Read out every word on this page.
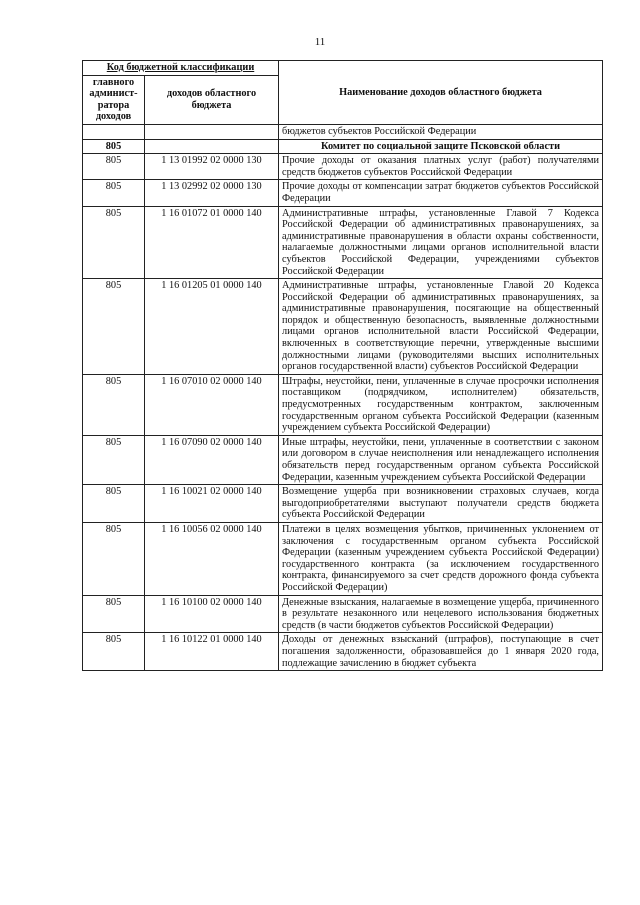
11
Код бюджетной классификации		Наименование доходов областного бюджета
главного админист- ратора доходов	доходов областного бюджета	
		бюджетов субъектов Российской Федерации
805		Комитет по социальной защите Псковской области
805	1 13 01992 02 0000 130	Прочие доходы от оказания платных услуг (работ) получателями средств бюджетов субъектов Российской Федерации
805	1 13 02992 02 0000 130	Прочие доходы от компенсации затрат бюджетов субъектов Российской Федерации
805	1 16 01072 01 0000 140	Административные штрафы, установленные Главой 7 Кодекса Российской Федерации об административных правонарушениях, за административные правонарушения в области охраны собственности, налагаемые должностными лицами органов исполнительной власти субъектов Российской Федерации, учреждениями субъектов Российской Федерации
805	1 16 01205 01 0000 140	Административные штрафы, установленные Главой 20 Кодекса Российской Федерации об административных правонарушениях, за административные правонарушения, посягающие на общественный порядок и общественную безопасность, выявленные должностными лицами органов исполнительной власти Российской Федерации, включенных в соответствующие перечни, утвержденные высшими должностными лицами (руководителями высших исполнительных органов государственной власти) субъектов Российской Федерации
805	1 16 07010 02 0000 140	Штрафы, неустойки, пени, уплаченные в случае просрочки исполнения поставщиком (подрядчиком, исполнителем) обязательств, предусмотренных государственным контрактом, заключенным государственным органом субъекта Российской Федерации (казенным учреждением субъекта Российской Федерации)
805	1 16 07090 02 0000 140	Иные штрафы, неустойки, пени, уплаченные в соответствии с законом или договором в случае неисполнения или ненадлежащего исполнения обязательств перед государственным органом субъекта Российской Федерации, казенным учреждением субъекта Российской Федерации
805	1 16 10021 02 0000 140	Возмещение ущерба при возникновении страховых случаев, когда выгодоприобретателями выступают получатели средств бюджета субъекта Российской Федерации
805	1 16 10056 02 0000 140	Платежи в целях возмещения убытков, причиненных уклонением от заключения с государственным органом субъекта Российской Федерации (казенным учреждением субъекта Российской Федерации) государственного контракта (за исключением государственного контракта, финансируемого за счет средств дорожного фонда субъекта Российской Федерации)
805	1 16 10100 02 0000 140	Денежные взыскания, налагаемые в возмещение ущерба, причиненного в результате незаконного или нецелевого использования бюджетных средств (в части бюджетов субъектов Российской Федерации)
805	1 16 10122 01 0000 140	Доходы от денежных взысканий (штрафов), поступающие в счет погашения задолженности, образовавшейся до 1 января 2020 года, подлежащие зачислению в бюджет субъекта
